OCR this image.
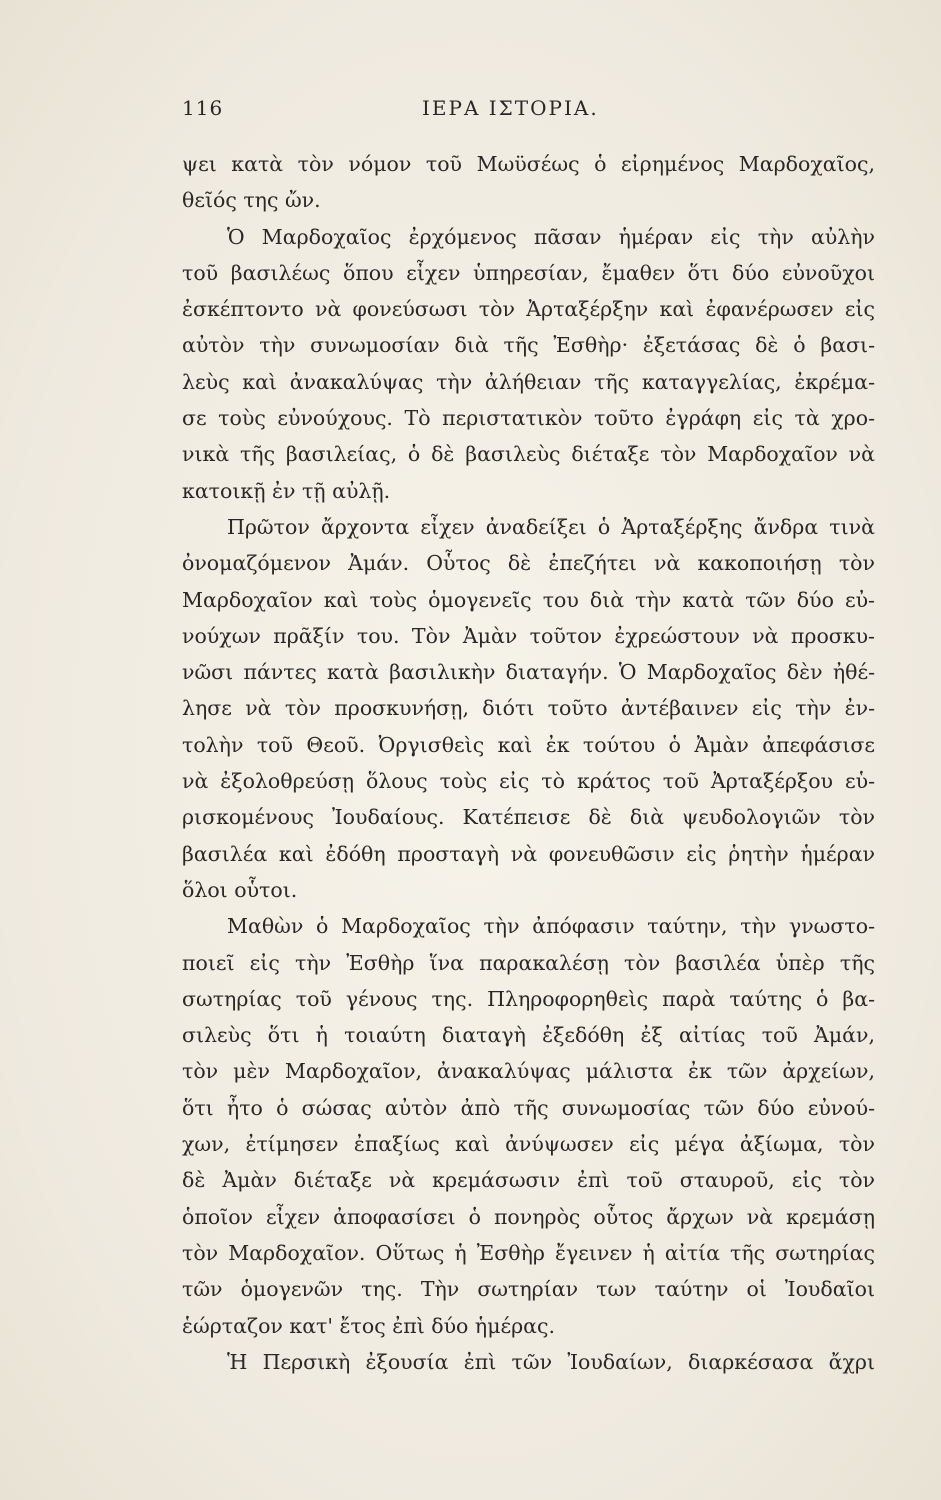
116	ΙΕΡΑ ΙΣΤΟΡΙΑ.
ψει κατὰ τὸν νόμον τοῦ Μωϋσέως ὁ εἰρημένος Μαρδοχαῖος,
θεῖός της ὤν.
Ὁ Μαρδοχαῖος ἐρχόμενος πᾶσαν ἡμέραν εἰς τὴν αὐλὴν
τοῦ βασιλέως ὅπου εἶχεν ὑπηρεσίαν, ἔμαθεν ὅτι δύο εὐνοῦχοι
ἐσκέπτοντο νὰ φονεύσωσι τὸν Ἀρταξέρξην καὶ ἐφανέρωσεν εἰς
αὐτὸν τὴν συνωμοσίαν διὰ τῆς Ἐσθὴρ· ἐξετάσας δὲ ὁ βασι-
λεὺς καὶ ἀνακαλύψας τὴν ἀλήθειαν τῆς καταγγελίας, ἐκρέμα-
σε τοὺς εὐνούχους. Τὸ περιστατικὸν τοῦτο ἐγράφη εἰς τὰ χρο-
νικὰ τῆς βασιλείας, ὁ δὲ βασιλεὺς διέταξε τὸν Μαρδοχαῖον νὰ
κατοικῇ ἐν τῇ αὐλῇ.
Πρῶτον ἄρχοντα εἶχεν ἀναδείξει ὁ Ἀρταξέρξης ἄνδρα τινὰ
ὀνομαζόμενον Ἀμάν. Οὗτος δὲ ἐπεζήτει νὰ κακοποιήσῃ τὸν
Μαρδοχαῖον καὶ τοὺς ὁμογενεῖς του διὰ τὴν κατὰ τῶν δύο εὐ-
νούχων πρᾶξίν του. Τὸν Ἀμὰν τοῦτον ἐχρεώστουν νὰ προσκυ-
νῶσι πάντες κατὰ βασιλικὴν διαταγήν. Ὁ Μαρδοχαῖος δὲν ἠθέ-
λησε νὰ τὸν προσκυνήσῃ, διότι τοῦτο ἀντέβαινεν εἰς τὴν ἐν-
τολὴν τοῦ Θεοῦ. Ὀργισθεὶς καὶ ἐκ τούτου ὁ Ἀμὰν ἀπεφάσισε
νὰ ἐξολοθρεύσῃ ὅλους τοὺς εἰς τὸ κράτος τοῦ Ἀρταξέρξου εὑ-
ρισκομένους Ἰουδαίους. Κατέπεισε δὲ διὰ ψευδολογιῶν τὸν
βασιλέα καὶ ἐδόθη προσταγὴ νὰ φονευθῶσιν εἰς ῥητὴν ἡμέραν
ὅλοι οὗτοι.
Μαθὼν ὁ Μαρδοχαῖος τὴν ἀπόφασιν ταύτην, τὴν γνωστο-
ποιεῖ εἰς τὴν Ἐσθὴρ ἵνα παρακαλέσῃ τὸν βασιλέα ὑπὲρ τῆς
σωτηρίας τοῦ γένους της. Πληροφορηθεὶς παρὰ ταύτης ὁ βα-
σιλεὺς ὅτι ἡ τοιαύτη διαταγὴ ἐξεδόθη ἐξ αἰτίας τοῦ Ἀμάν,
τὸν μὲν Μαρδοχαῖον, ἀνακαλύψας μάλιστα ἐκ τῶν ἀρχείων,
ὅτι ἦτο ὁ σώσας αὐτὸν ἀπὸ τῆς συνωμοσίας τῶν δύο εὐνού-
χων, ἐτίμησεν ἐπαξίως καὶ ἀνύψωσεν εἰς μέγα ἀξίωμα, τὸν
δὲ Ἀμὰν διέταξε νὰ κρεμάσωσιν ἐπὶ τοῦ σταυροῦ, εἰς τὸν
ὁποῖον εἶχεν ἀποφασίσει ὁ πονηρὸς οὗτος ἄρχων νὰ κρεμάσῃ
τὸν Μαρδοχαῖον. Οὕτως ἡ Ἐσθὴρ ἔγεινεν ἡ αἰτία τῆς σωτηρίας
τῶν ὁμογενῶν της. Τὴν σωτηρίαν των ταύτην οἱ Ἰουδαῖοι
ἑώρταζον κατ' ἔτος ἐπὶ δύο ἡμέρας.
Ἡ Περσικὴ ἐξουσία ἐπὶ τῶν Ἰουδαίων, διαρκέσασα ἄχρι
